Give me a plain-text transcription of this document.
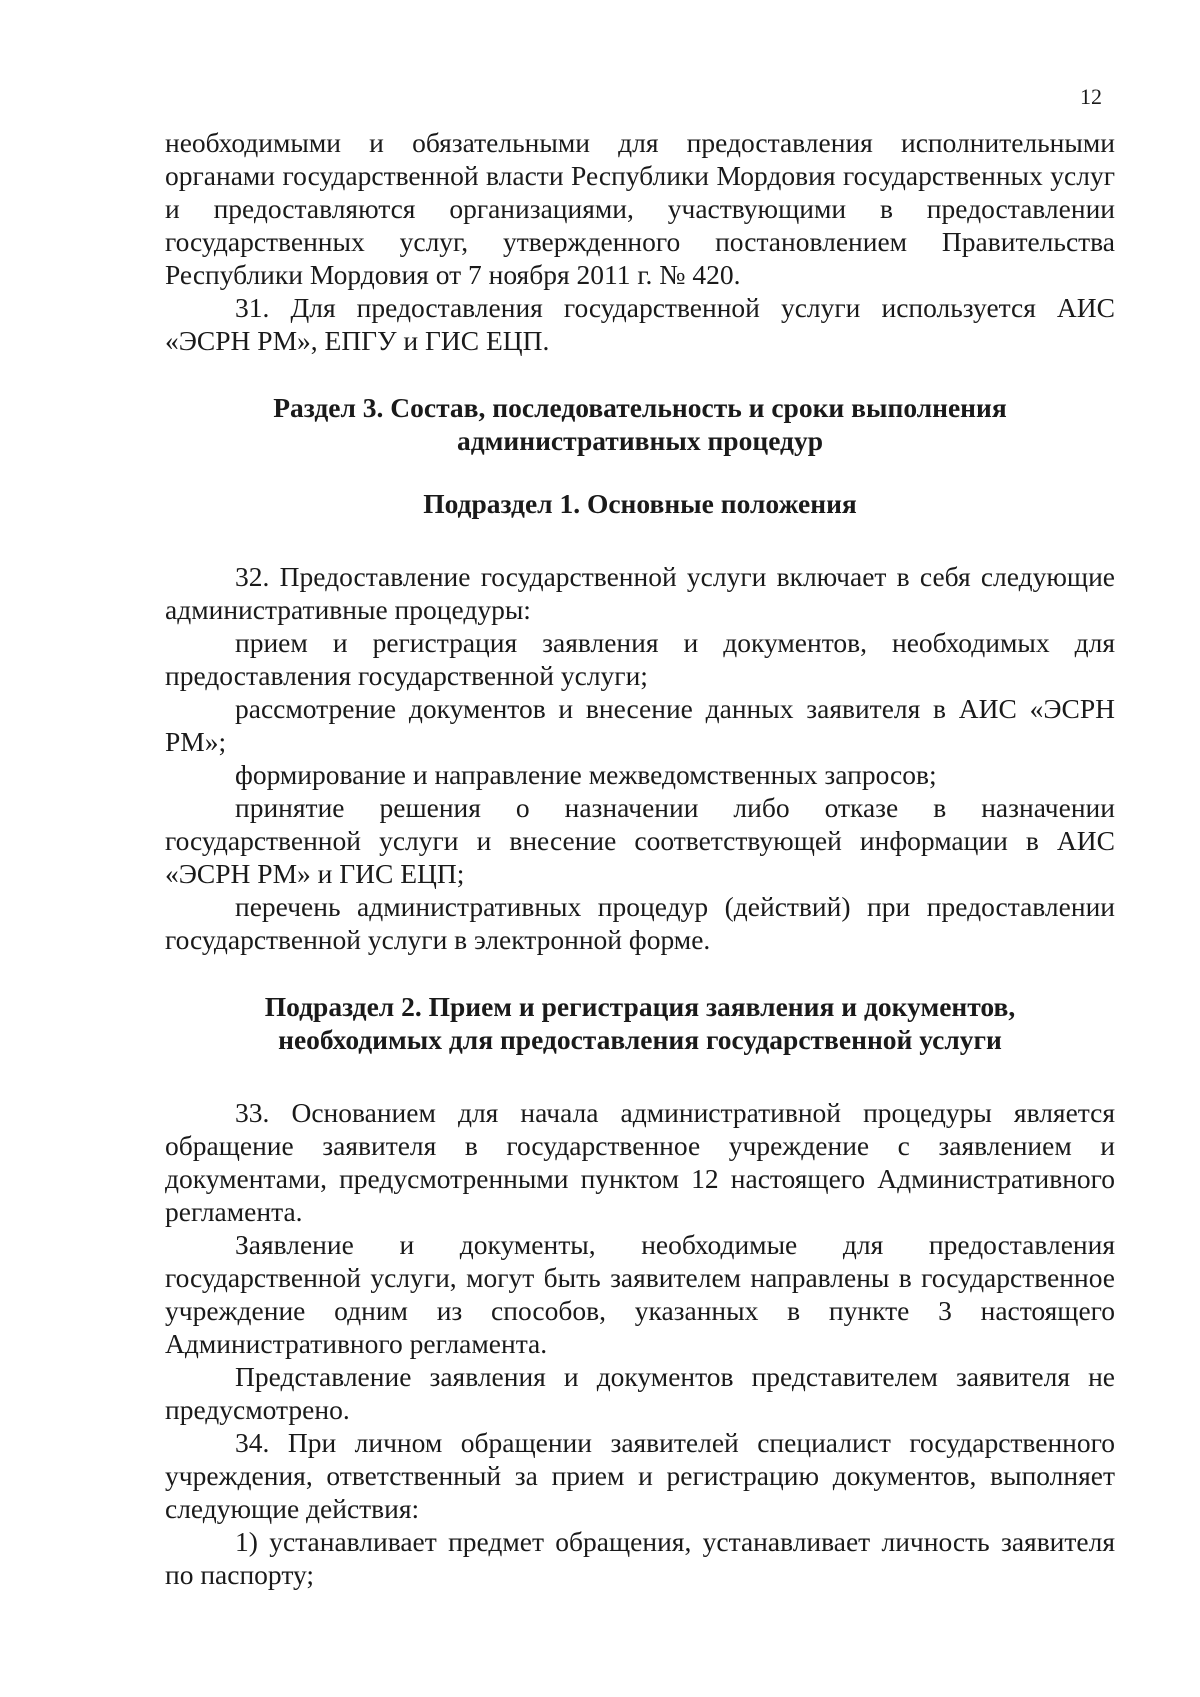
12

необходимыми и обязательными для предоставления исполнительными органами государственной власти Республики Мордовия государственных услуг и предоставляются организациями, участвующими в предоставлении государственных услуг, утвержденного постановлением Правительства Республики Мордовия от 7 ноября 2011 г. № 420.

31. Для предоставления государственной услуги используется АИС «ЭСРН РМ», ЕПГУ и ГИС ЕЦП.

Раздел 3. Состав, последовательность и сроки выполнения

административных процедур

Подраздел 1. Основные положения

32. Предоставление государственной услуги включает в себя следующие административные процедуры:

прием и регистрация заявления и документов, необходимых для предоставления государственной услуги;

рассмотрение документов и внесение данных заявителя в АИС «ЭСРН РМ»;

формирование и направление межведомственных запросов;

принятие решения о назначении либо отказе в назначении государственной услуги и внесение соответствующей информации в АИС «ЭСРН РМ» и ГИС ЕЦП;

перечень административных процедур (действий) при предоставлении государственной услуги в электронной форме.

Подраздел 2. Прием и регистрация заявления и документов,

необходимых для предоставления государственной услуги

33. Основанием для начала административной процедуры является обращение заявителя в государственное учреждение с заявлением и документами, предусмотренными пунктом 12 настоящего Административного регламента.

Заявление и документы, необходимые для предоставления государственной услуги, могут быть заявителем направлены в государственное учреждение одним из способов, указанных в пункте 3 настоящего Административного регламента.

Представление заявления и документов представителем заявителя не предусмотрено.

34. При личном обращении заявителей специалист государственного учреждения, ответственный за прием и регистрацию документов, выполняет следующие действия:

1) устанавливает предмет обращения, устанавливает личность заявителя по паспорту;
